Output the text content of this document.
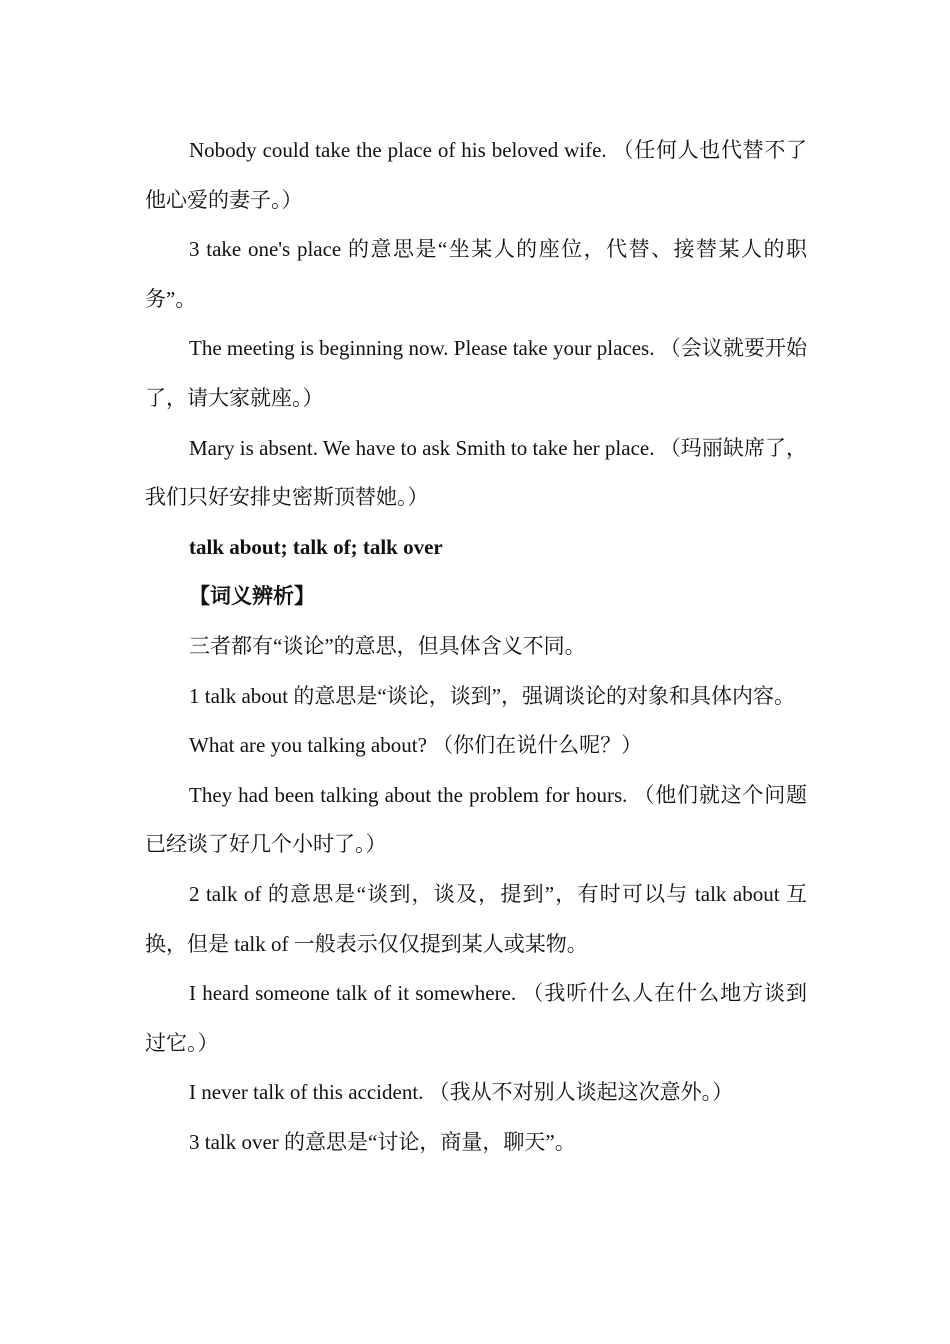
Nobody could take the place of his beloved wife. （任何人也代替不了他心爱的妻子。）

3 take one's place 的意思是“坐某人的座位，代替、接替某人的职务”。

The meeting is beginning now. Please take your places. （会议就要开始了，请大家就座。）

Mary is absent. We have to ask Smith to take her place. （玛丽缺席了，我们只好安排史密斯顶替她。）

talk about; talk of; talk over

【词义辨析】

三者都有“谈论”的意思，但具体含义不同。

1 talk about 的意思是“谈论，谈到”，强调谈论的对象和具体内容。

What are you talking about? （你们在说什么呢？）

They had been talking about the problem for hours. （他们就这个问题已经谈了好几个小时了。）

2 talk of 的意思是“谈到，谈及，提到”，有时可以与 talk about 互换，但是 talk of 一般表示仅仅提到某人或某物。

I heard someone talk of it somewhere. （我听什么人在什么地方谈到过它。）

I never talk of this accident. （我从不对别人谈起这次意外。）

3 talk over 的意思是“讨论，商量，聊天”。
